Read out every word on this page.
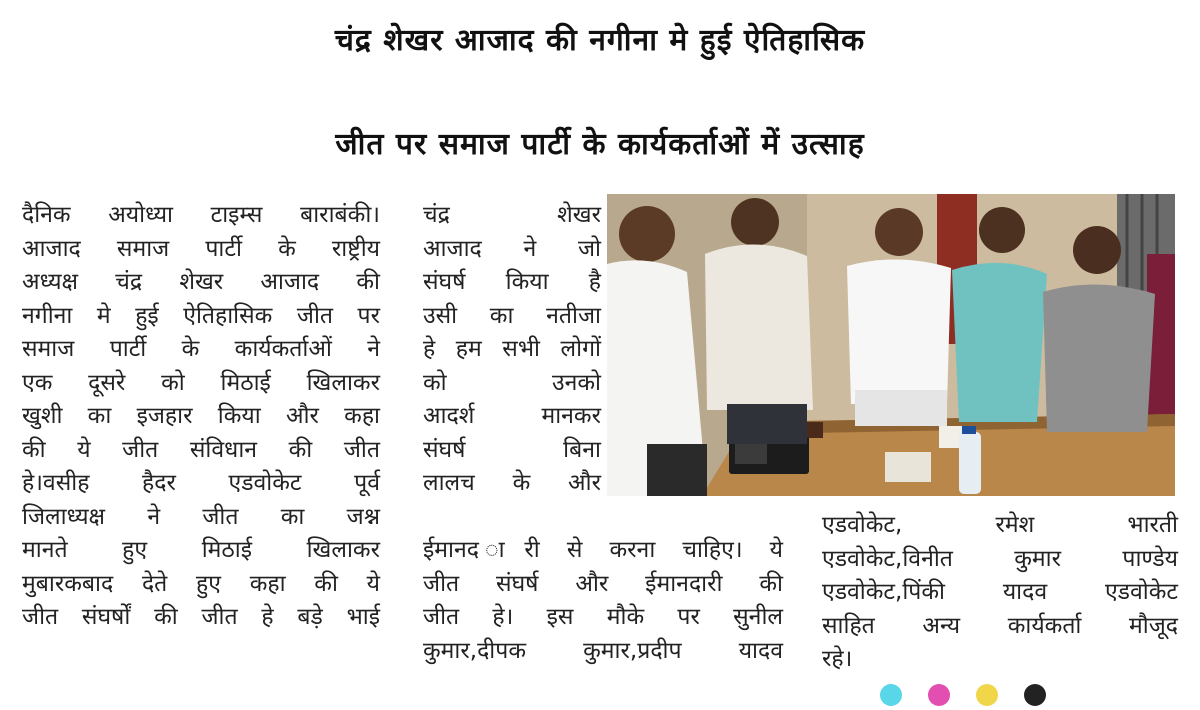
चंद्र शेखर आजाद की नगीना मे हुई ऐतिहासिक
जीत पर समाज पार्टी के कार्यकर्ताओं में उत्साह
दैनिक अयोध्या टाइम्स बाराबंकी।
आजाद समाज पार्टी के राष्ट्रीय
अध्यक्ष चंद्र शेखर आजाद की
नगीना मे हुई ऐतिहासिक जीत पर
समाज पार्टी के कार्यकर्ताओं ने
एक दूसरे को मिठाई खिलाकर
खुशी का इजहार किया और कहा
की ये जीत संविधान की जीत
हे।वसीह हैदर एडवोकेट पूर्व
जिलाध्यक्ष ने जीत का जश्न
मानते हुए मिठाई खिलाकर
मुबारकबाद देते हुए कहा की ये
जीत संघर्षों की जीत हे बड़े भाई
चंद्र शेखर
आजाद ने जो
संघर्ष किया है
उसी का नतीजा
हे हम सभी लोगों
को उनको
आदर्श मानकर
संघर्ष बिना
लालच के और
ईमानद ारी से करना चाहिए। ये
जीत संघर्ष और ईमानदारी की
जीत हे। इस मौके पर सुनील
कुमार,दीपक कुमार,प्रदीप यादव
एडवोकेट, रमेश भारती
एडवोकेट,विनीत कुमार पाण्डेय
एडवोकेट,पिंकी यादव एडवोकेट
साहित अन्य कार्यकर्ता मौजूद
रहे।
